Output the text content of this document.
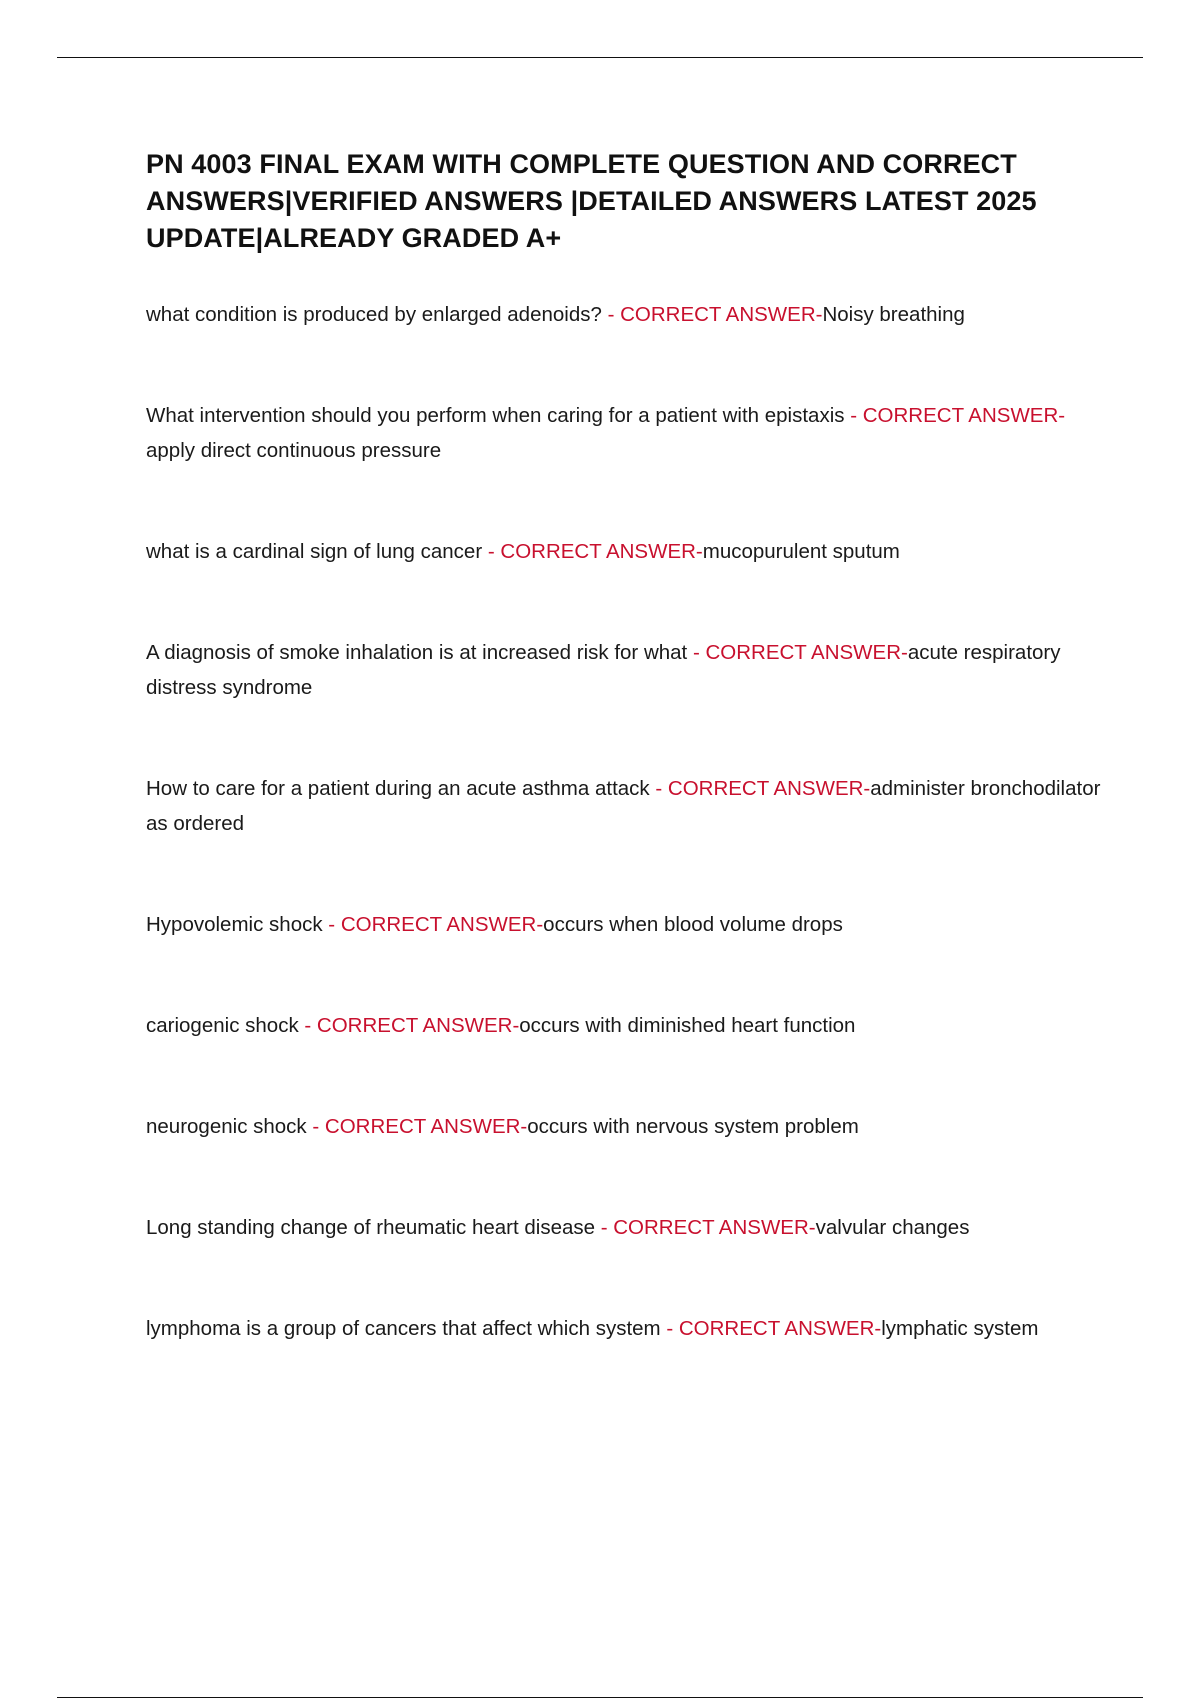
PN 4003 FINAL EXAM WITH COMPLETE QUESTION AND CORRECT ANSWERS|VERIFIED ANSWERS |DETAILED ANSWERS LATEST 2025 UPDATE|ALREADY GRADED A+

what condition is produced by enlarged adenoids? - CORRECT ANSWER-Noisy breathing

What intervention should you perform when caring for a patient with epistaxis - CORRECT ANSWER-apply direct continuous pressure

what is a cardinal sign of lung cancer - CORRECT ANSWER-mucopurulent sputum

A diagnosis of smoke inhalation is at increased risk for what - CORRECT ANSWER-acute respiratory distress syndrome

How to care for a patient during an acute asthma attack - CORRECT ANSWER-administer bronchodilator as ordered

Hypovolemic shock - CORRECT ANSWER-occurs when blood volume drops

cariogenic shock - CORRECT ANSWER-occurs with diminished heart function

neurogenic shock - CORRECT ANSWER-occurs with nervous system problem

Long standing change of rheumatic heart disease - CORRECT ANSWER-valvular changes

lymphoma is a group of cancers that affect which system - CORRECT ANSWER-lymphatic system
